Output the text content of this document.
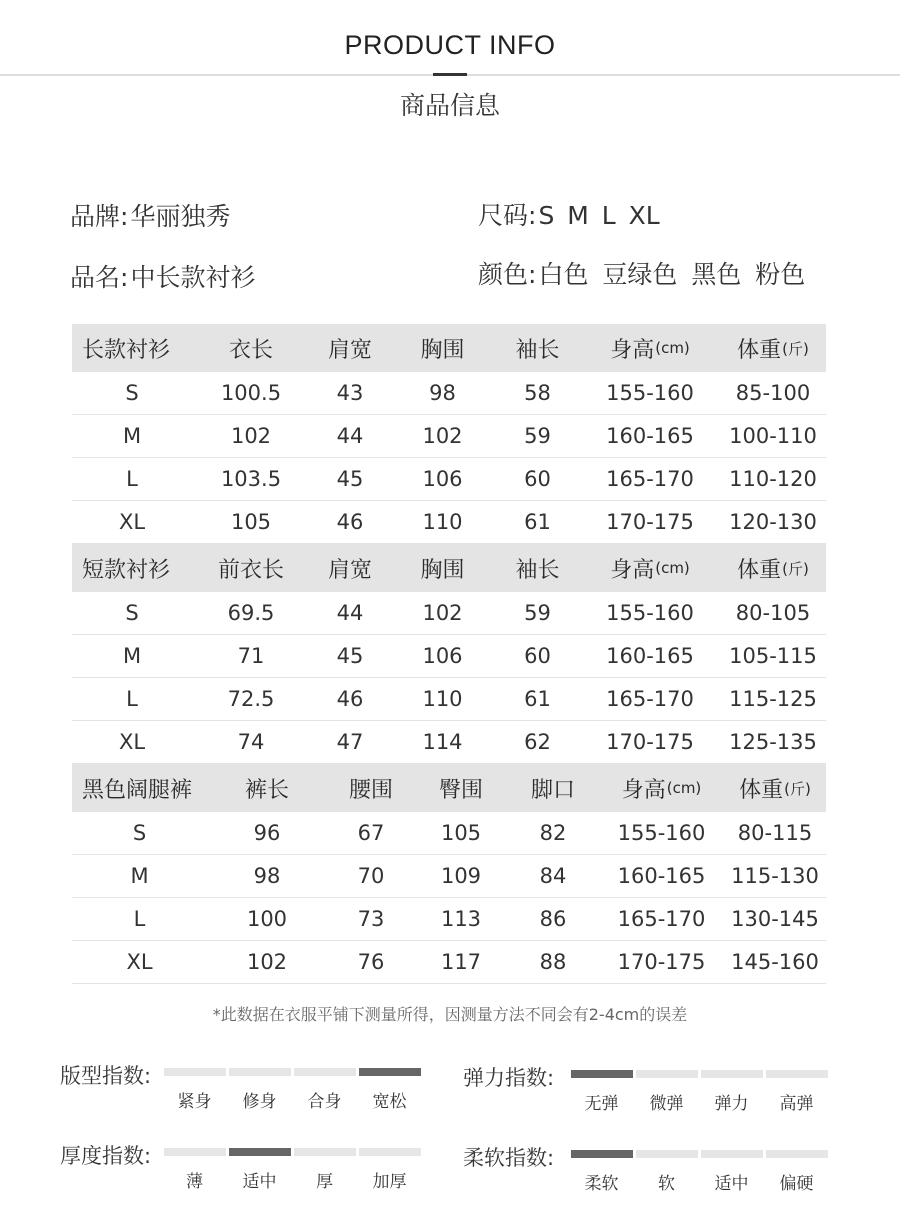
PRODUCT INFO
商品信息
品牌:华丽独秀
品名:中长款衬衫
尺码:S M L XL
颜色:白色 豆绿色 黑色 粉色
长款衬衫	衣长	肩宽	胸围	袖长	身高 (cm) 体重 (斤)
S	100.5	43	98	58	155-160	85-100
M	102	44	102	59	160-165	100-110
L	103.5	45	106	60	165-170	110-120
XL	105	46	110	61	170-175	120-130
短款衬衫	前衣长	肩宽	胸围	袖长	身高 (cm) 体重 (斤)
S	69.5	44	102	59	155-160	80-105
M	71	45	106	60	160-165	105-115
L	72.5	46	110	61	165-170	115-125
XL	74	47	114	62	170-175	125-135
黑色阔腿裤	裤长	腰围	臀围	脚口	身高 (cm) 体重 (斤)
S	96	67	105	82	155-160	80-115
M	98	70	109	84	160-165	115-130
L	100	73	113	86	165-170	130-145
XL	102	76	117	88	170-175	145-160
*此数据在衣服平铺下测量所得，因测量方法不同会有2-4cm的误差
版型指数:
紧身	修身	合身	宽松
弹力指数:
无弹	微弹	弹力	高弹
厚度指数:
薄	适中	厚	加厚
柔软指数:
柔软	软	适中	偏硬
